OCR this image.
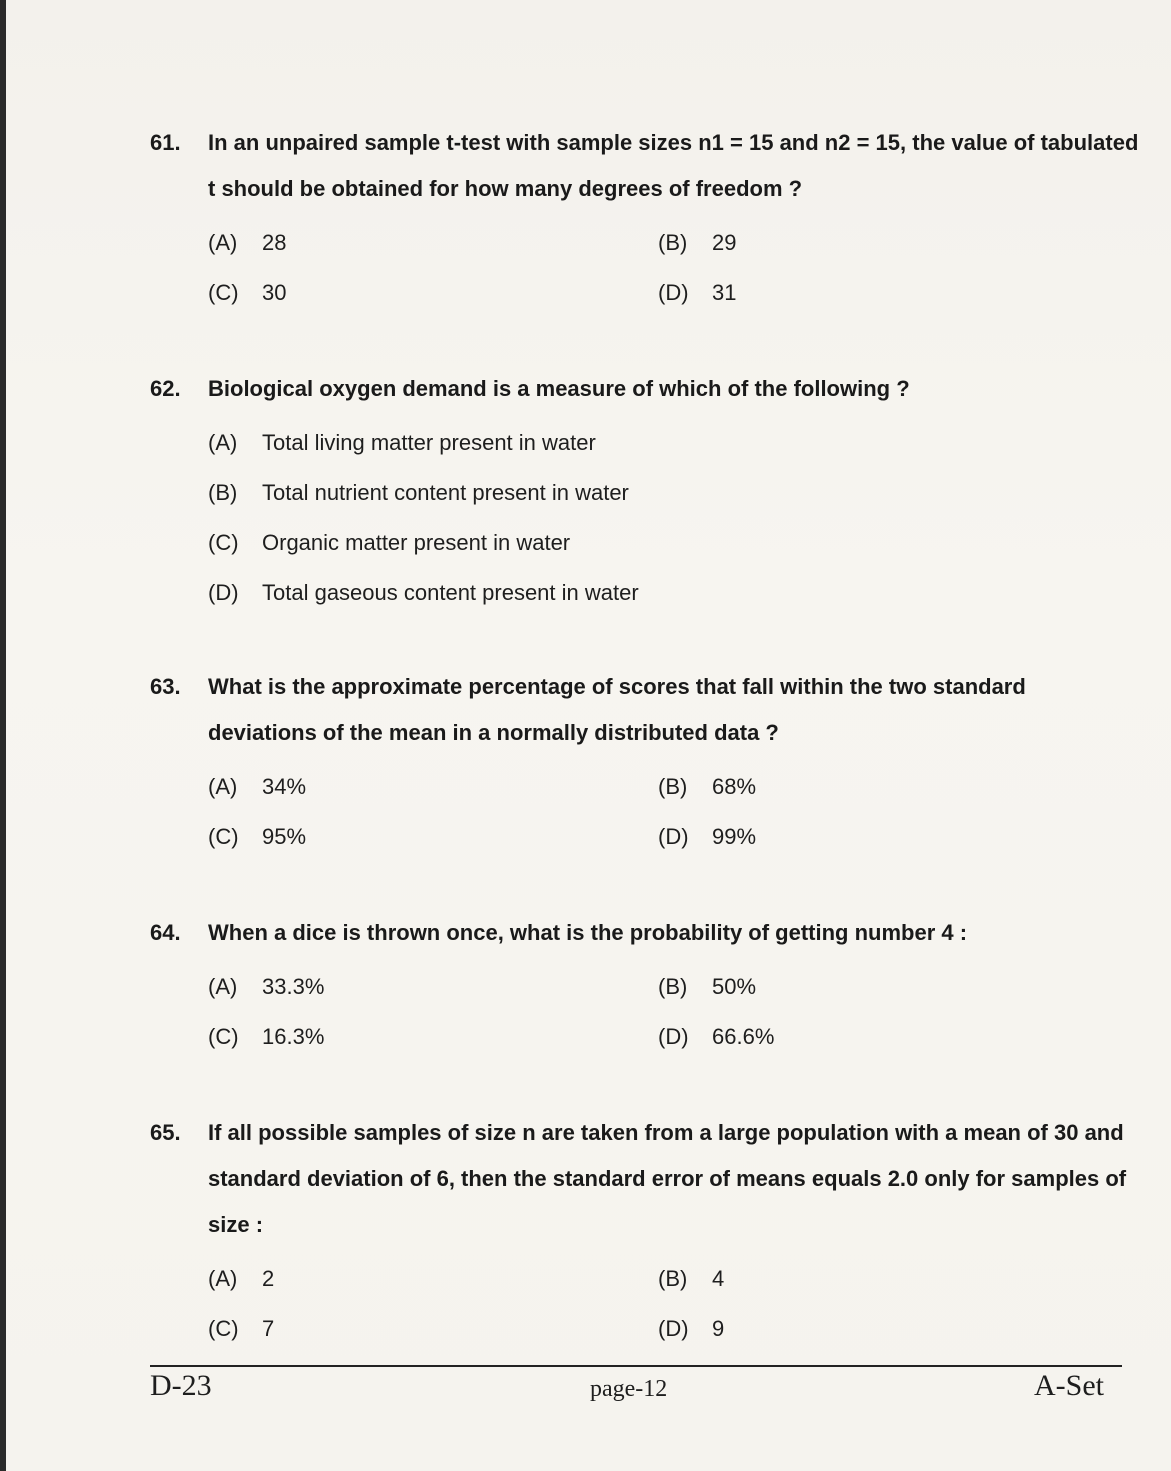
61. In an unpaired sample t-test with sample sizes n1 = 15 and n2 = 15, the value of tabulated t should be obtained for how many degrees of freedom ?
(A) 28	(B) 29
(C) 30	(D) 31
62. Biological oxygen demand is a measure of which of the following ?
(A) Total living matter present in water
(B) Total nutrient content present in water
(C) Organic matter present in water
(D) Total gaseous content present in water
63. What is the approximate percentage of scores that fall within the two standard deviations of the mean in a normally distributed data ?
(A) 34%	(B) 68%
(C) 95%	(D) 99%
64. When a dice is thrown once, what is the probability of getting number 4 :
(A) 33.3%	(B) 50%
(C) 16.3%	(D) 66.6%
65. If all possible samples of size n are taken from a large population with a mean of 30 and standard deviation of 6, then the standard error of means equals 2.0 only for samples of size :
(A) 2	(B) 4
(C) 7	(D) 9
D-23	page-12	A-Set
